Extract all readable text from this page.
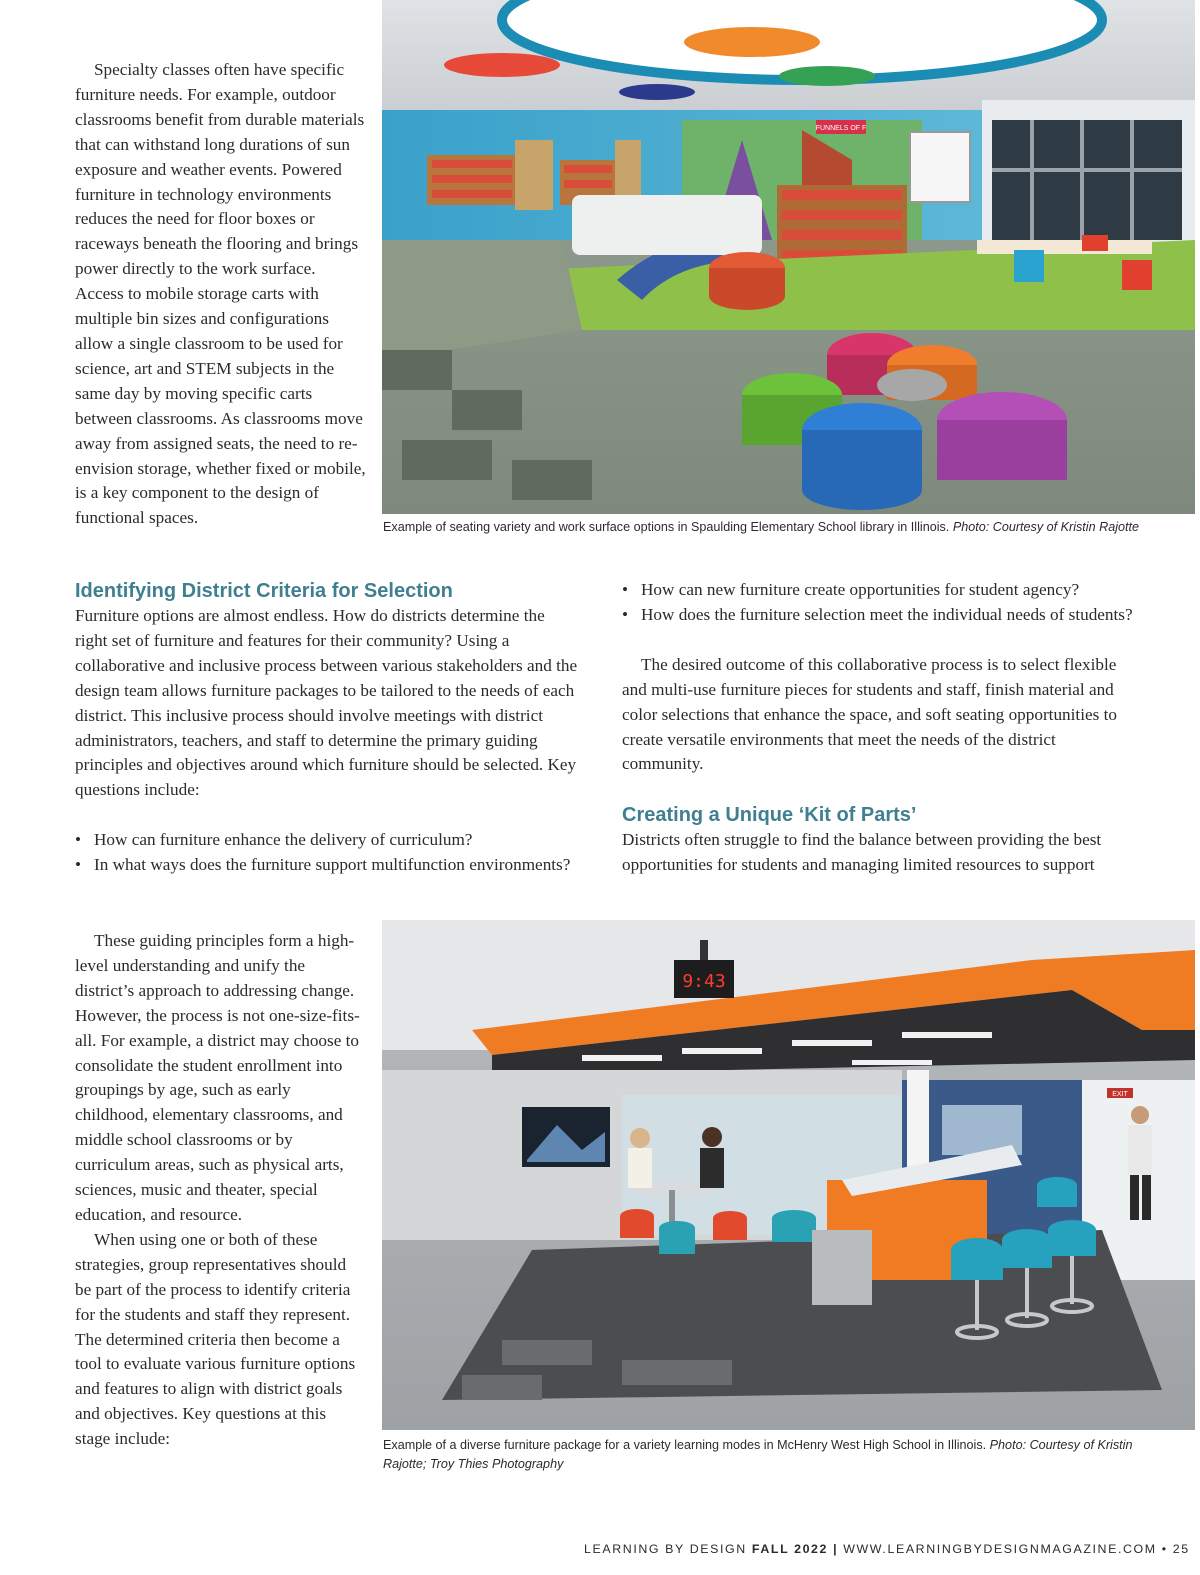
Specialty classes often have specific furniture needs. For example, outdoor classrooms benefit from durable materials that can withstand long durations of sun exposure and weather events. Powered furniture in technology environments reduces the need for floor boxes or raceways beneath the flooring and brings power directly to the work surface. Access to mobile storage carts with multiple bin sizes and configurations allow a single classroom to be used for science, art and STEM subjects in the same day by moving specific carts between classrooms. As classrooms move away from assigned seats, the need to re-envision storage, whether fixed or mobile, is a key component to the design of functional spaces.

FUNNELS OF F
Example of seating variety and work surface options in Spaulding Elementary School library in Illinois. Photo: Courtesy of Kristin Rajotte
Identifying District Criteria for Selection

Furniture options are almost endless. How do districts determine the right set of furniture and features for their community? Using a collaborative and inclusive process between various stakeholders and the design team allows furniture packages to be tailored to the needs of each district. This inclusive process should involve meetings with district administrators, teachers, and staff to determine the primary guiding principles and objectives around which furniture should be selected. Key questions include:

• How can furniture enhance the delivery of curriculum?
• In what ways does the furniture support multifunction environments?
• How can new furniture create opportunities for student agency?
• How does the furniture selection meet the individual needs of students?

The desired outcome of this collaborative process is to select flexible and multi-use furniture pieces for students and staff, finish material and color selections that enhance the space, and soft seating opportunities to create versatile environments that meet the needs of the district community.

Creating a Unique ‘Kit of Parts’

Districts often struggle to find the balance between providing the best opportunities for students and managing limited resources to support

These guiding principles form a high-level understanding and unify the district’s approach to addressing change. However, the process is not one-size-fits-all. For example, a district may choose to consolidate the student enrollment into groupings by age, such as early childhood, elementary classrooms, and middle school classrooms or by curriculum areas, such as physical arts, sciences, music and theater, special education, and resource.

When using one or both of these strategies, group representatives should be part of the process to identify criteria for the students and staff they represent. The determined criteria then become a tool to evaluate various furniture options and features to align with district goals and objectives. Key questions at this stage include:

9:43
EXIT
Example of a diverse furniture package for a variety learning modes in McHenry West High School in Illinois. Photo: Courtesy of Kristin Rajotte; Troy Thies Photography
LEARNING BY DESIGN FALL 2022 | WWW.LEARNINGBYDESIGNMAGAZINE.COM • 25
